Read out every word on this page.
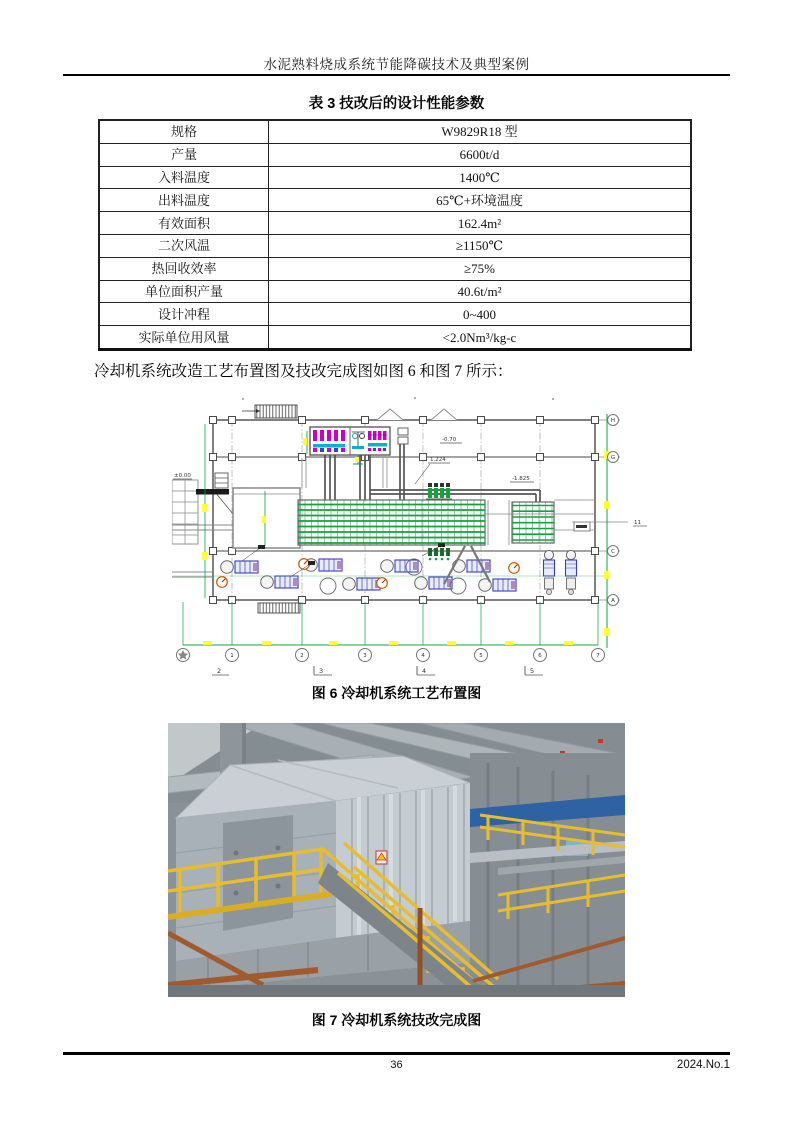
水泥熟料烧成系统节能降碳技术及典型案例
表 3 技改后的设计性能参数
规格	W9829R18 型
产量	6600t/d
入料温度	1400℃
出料温度	65℃+环境温度
有效面积	162.4m²
二次风温	≥1150℃
热回收效率	≥75%
单位面积产量	40.6t/m²
设计冲程	0~400
实际单位用风量	<2.0Nm³/kg-c
冷却机系统改造工艺布置图及技改完成图如图 6 和图 7 所示：
±0.00
-0.70
1.224
-1.825
11
H
G
C
A
1	2	3	4	5	6	7
2	3	4	5
图 6 冷却机系统工艺布置图
图 7 冷却机系统技改完成图
36	2024.No.1
